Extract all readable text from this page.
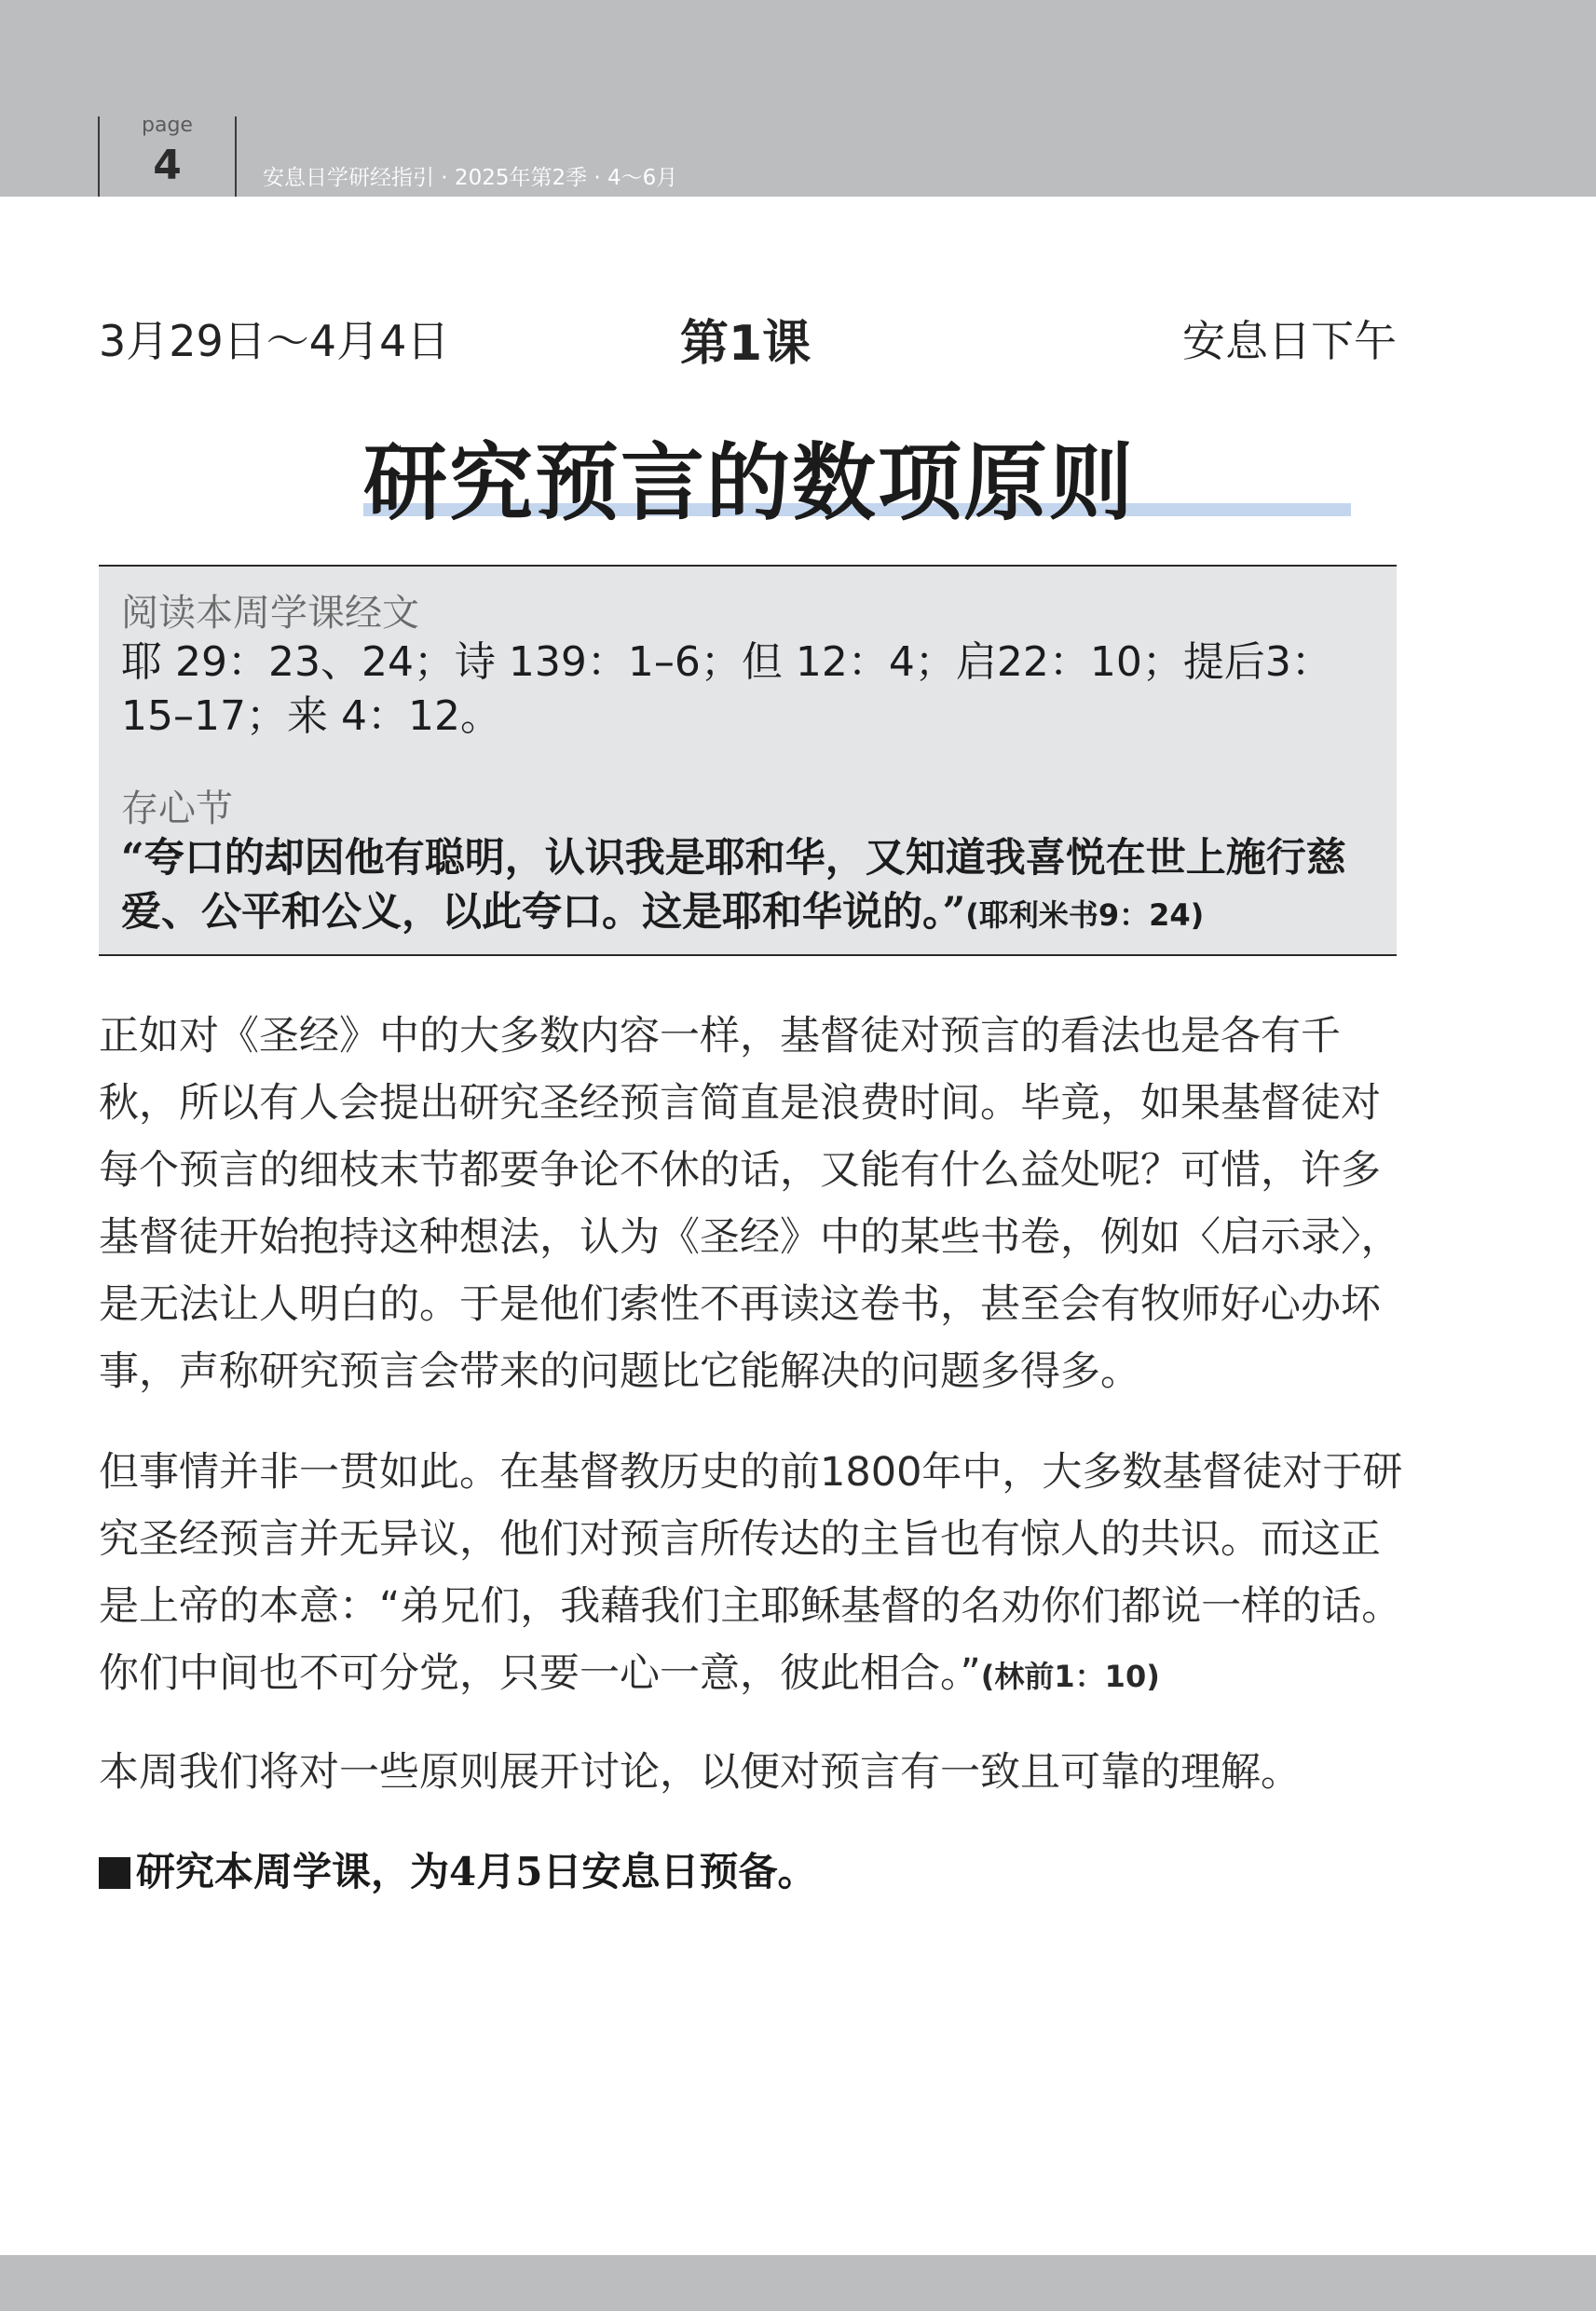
page
4	安息日学研经指引 · 2025年第2季 · 4～6月
3月29日～4月4日	第1课	安息日下午
研究预言的数项原则
阅读本周学课经文
耶 29：23、24；诗 139：1–6；但 12：4；启22：10；提后3：15–17；来 4：12。
存心节
“夸口的却因他有聪明，认识我是耶和华，又知道我喜悦在世上施行慈爱、公平和公义，以此夸口。这是耶和华说的。”(耶利米书9：24)
正如对《圣经》中的大多数内容一样，基督徒对预言的看法也是各有千秋，所以有人会提出研究圣经预言简直是浪费时间。毕竟，如果基督徒对每个预言的细枝末节都要争论不休的话，又能有什么益处呢？可惜，许多基督徒开始抱持这种想法，认为《圣经》中的某些书卷，例如〈启示录〉，是无法让人明白的。于是他们索性不再读这卷书，甚至会有牧师好心办坏事，声称研究预言会带来的问题比它能解决的问题多得多。
但事情并非一贯如此。在基督教历史的前1800年中，大多数基督徒对于研究圣经预言并无异议，他们对预言所传达的主旨也有惊人的共识。而这正是上帝的本意：“弟兄们，我藉我们主耶稣基督的名劝你们都说一样的话。你们中间也不可分党，只要一心一意，彼此相合。”(林前1：10)
本周我们将对一些原则展开讨论，以便对预言有一致且可靠的理解。
研究本周学课，为4月5日安息日预备。
